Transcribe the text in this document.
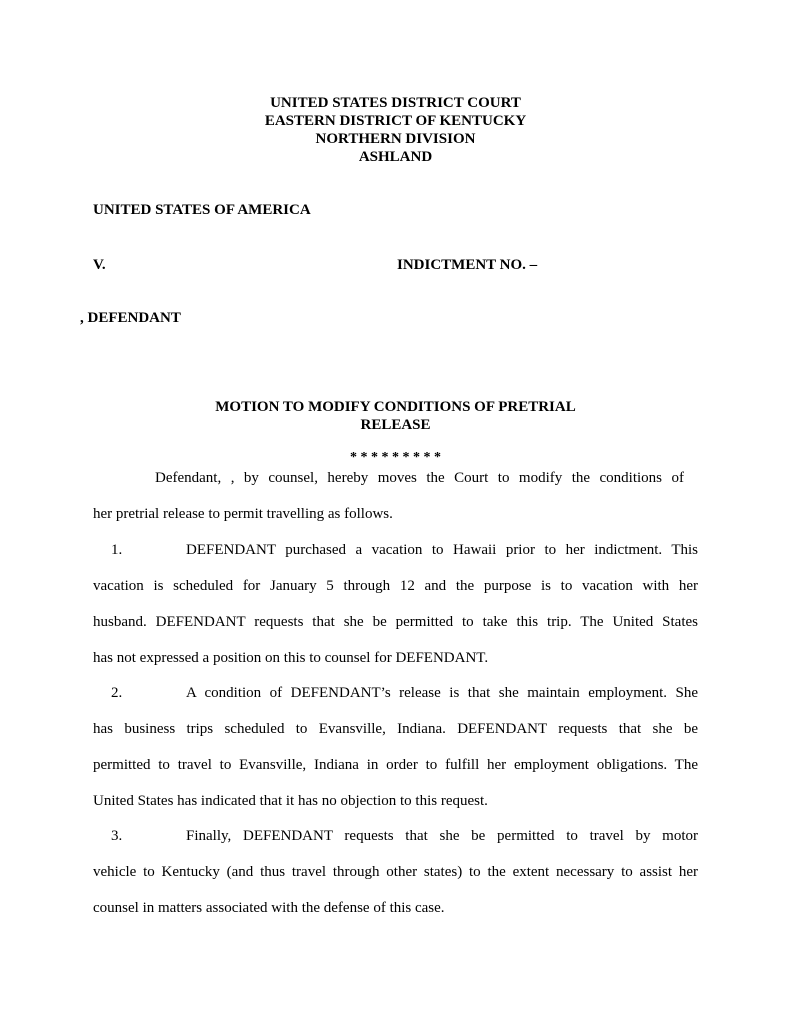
UNITED STATES DISTRICT COURT
EASTERN DISTRICT OF KENTUCKY
NORTHERN DIVISION
ASHLAND
UNITED STATES OF AMERICA
V.	INDICTMENT NO. –
, DEFENDANT
MOTION TO MODIFY CONDITIONS OF PRETRIAL
RELEASE
* * * * * * * * *
Defendant, , by counsel, hereby moves the Court to modify the conditions of
her pretrial release to permit travelling as follows.
1.	DEFENDANT purchased a vacation to Hawaii prior to her indictment. This
vacation is scheduled for January 5 through 12 and the purpose is to vacation with her
husband. DEFENDANT requests that she be permitted to take this trip. The United States
has not expressed a position on this to counsel for DEFENDANT.
2.	A condition of DEFENDANT’s release is that she maintain employment. She
has business trips scheduled to Evansville, Indiana. DEFENDANT requests that she be
permitted to travel to Evansville, Indiana in order to fulfill her employment obligations. The
United States has indicated that it has no objection to this request.
3.	Finally, DEFENDANT requests that she be permitted to travel by motor
vehicle to Kentucky (and thus travel through other states) to the extent necessary to assist her
counsel in matters associated with the defense of this case.
